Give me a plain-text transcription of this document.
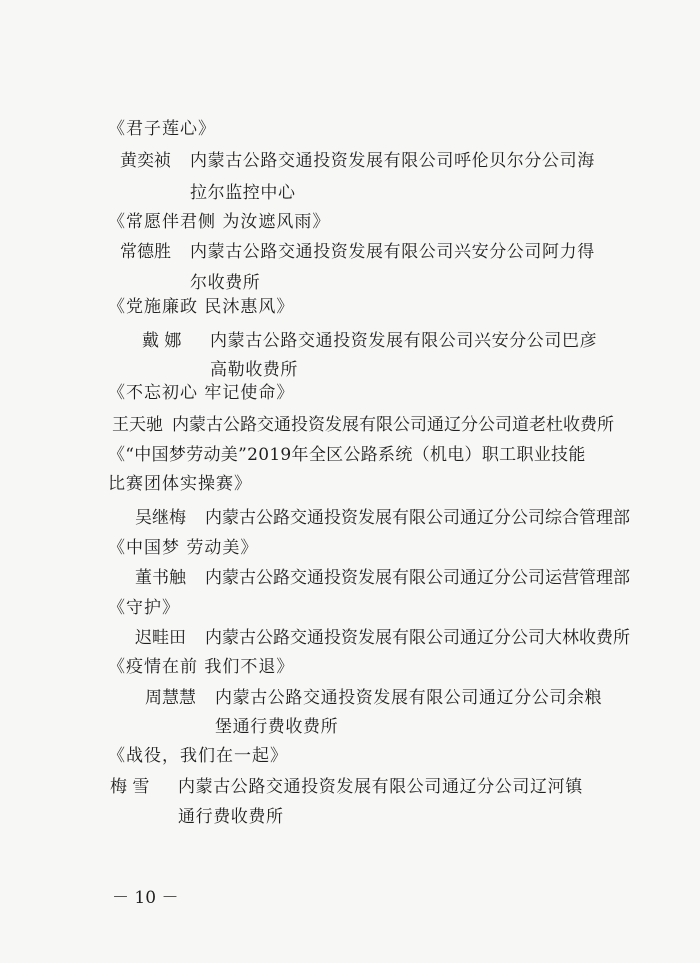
《君子莲心》
黄奕祯 内蒙古公路交通投资发展有限公司呼伦贝尔分公司海
拉尔监控中心
《常愿伴君侧 为汝遮风雨》
常德胜 内蒙古公路交通投资发展有限公司兴安分公司阿力得
尔收费所
《党施廉政 民沐惠风》
戴 娜 内蒙古公路交通投资发展有限公司兴安分公司巴彦
高勒收费所
《不忘初心 牢记使命》
王天驰 内蒙古公路交通投资发展有限公司通辽分公司道老杜收费所
《“中国梦劳动美”2019年全区公路系统（机电）职工职业技能
比赛团体实操赛》
吴继梅 内蒙古公路交通投资发展有限公司通辽分公司综合管理部
《中国梦 劳动美》
董书触 内蒙古公路交通投资发展有限公司通辽分公司运营管理部
《守护》
迟畦田 内蒙古公路交通投资发展有限公司通辽分公司大林收费所
《疫情在前 我们不退》
周慧慧 内蒙古公路交通投资发展有限公司通辽分公司余粮
堡通行费收费所
《战役，我们在一起》
梅 雪 内蒙古公路交通投资发展有限公司通辽分公司辽河镇
通行费收费所
－ 10 －
